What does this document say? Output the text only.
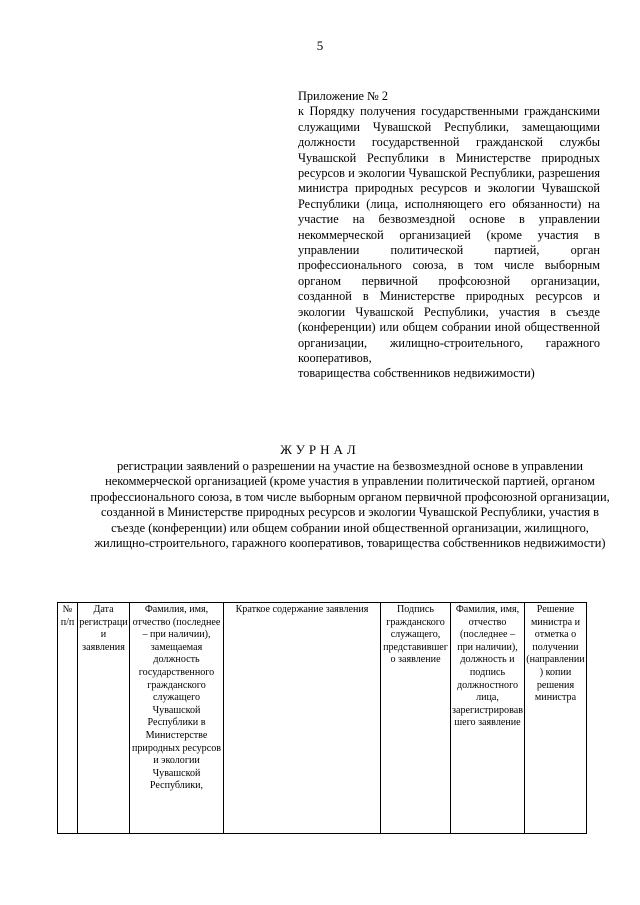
5
Приложение № 2
к Порядку получения государственными гражданскими служащими Чувашской Республики, замещающими должности государственной гражданской службы Чувашской Республики в Министерстве природных ресурсов и экологии Чувашской Республики, разрешения министра природных ресурсов и экологии Чувашской Республики (лица, исполняющего его обязанности) на участие на безвозмездной основе в управлении некоммерческой организацией (кроме участия в управлении политической партией, орган профессионального союза, в том числе выборным органом первичной профсоюзной организации, созданной в Министерстве природных ресурсов и экологии Чувашской Республики, участия в съезде (конференции) или общем собрании иной общественной организации, жилищно-строительного, гаражного кооперативов,
товарищества собственников недвижимости)
ЖУРНАЛ
регистрации заявлений о разрешении на участие на безвозмездной основе в управлении некоммерческой организацией (кроме участия в управлении политической партией, органом профессионального союза, в том числе выборным органом первичной профсоюзной организации, созданной в Министерстве природных ресурсов и экологии Чувашской Республики, участия в съезде (конференции) или общем собрании иной общественной организации, жилищного, жилищно-строительного, гаражного кооперативов, товарищества собственников недвижимости)
№ п/п	Дата регистрации заявления	Фамилия, имя, отчество (последнее – при наличии), замещаемая должность государственного гражданского служащего Чувашской Республики в Министерстве природных ресурсов и экологии Чувашской Республики,	Краткое содержание заявления	Подпись гражданского служащего, представившего заявление	Фамилия, имя, отчество (последнее – при наличии), должность и подпись должностного лица, зарегистрировавшего заявление	Решение министра и отметка о получении (направлении) копии решения министра
